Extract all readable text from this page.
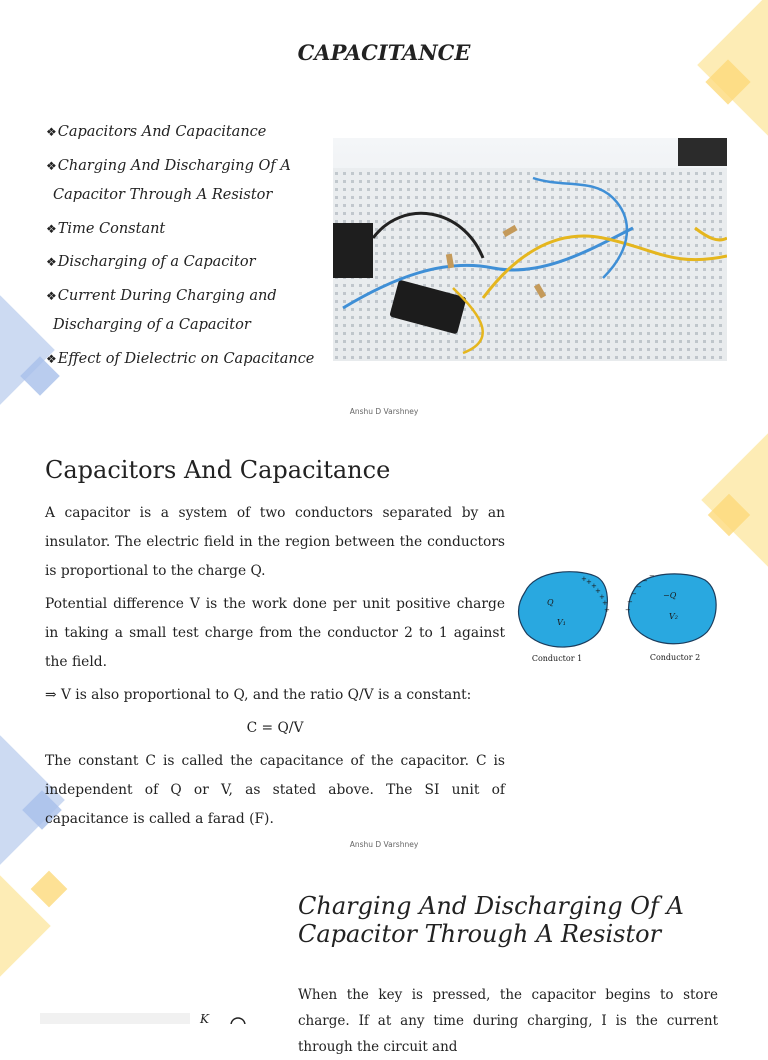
CAPACITANCE
❖Capacitors And Capacitance
❖Charging And Discharging Of A
Capacitor Through A Resistor
❖Time Constant
❖Discharging of a Capacitor
❖Current During Charging and
Discharging of a Capacitor
❖Effect of Dielectric on Capacitance
Anshu D Varshney
Capacitors And Capacitance

A capacitor is a system of two conductors separated by an insulator. The electric field in the region between the conductors is proportional to the charge Q.

Potential difference V is the work done per unit positive charge in taking a small test charge from the conductor 2 to 1 against the field.

⇒ V is also proportional to Q, and the ratio Q/V is a constant:

C = Q/V

The constant C is called the capacitance of the capacitor. C is independent of Q or V, as stated above. The SI unit of capacitance is called a farad (F).

Q
V₁
−Q
V₂
+ + +
+
+
+
+
−
−
−
−
−
−
Conductor 1	Conductor 2
Anshu D Varshney
Charging And Discharging Of A
Capacitor Through A Resistor
K

When the key is pressed, the capacitor begins to store charge. If at any time during charging, I is the current through the circuit and
